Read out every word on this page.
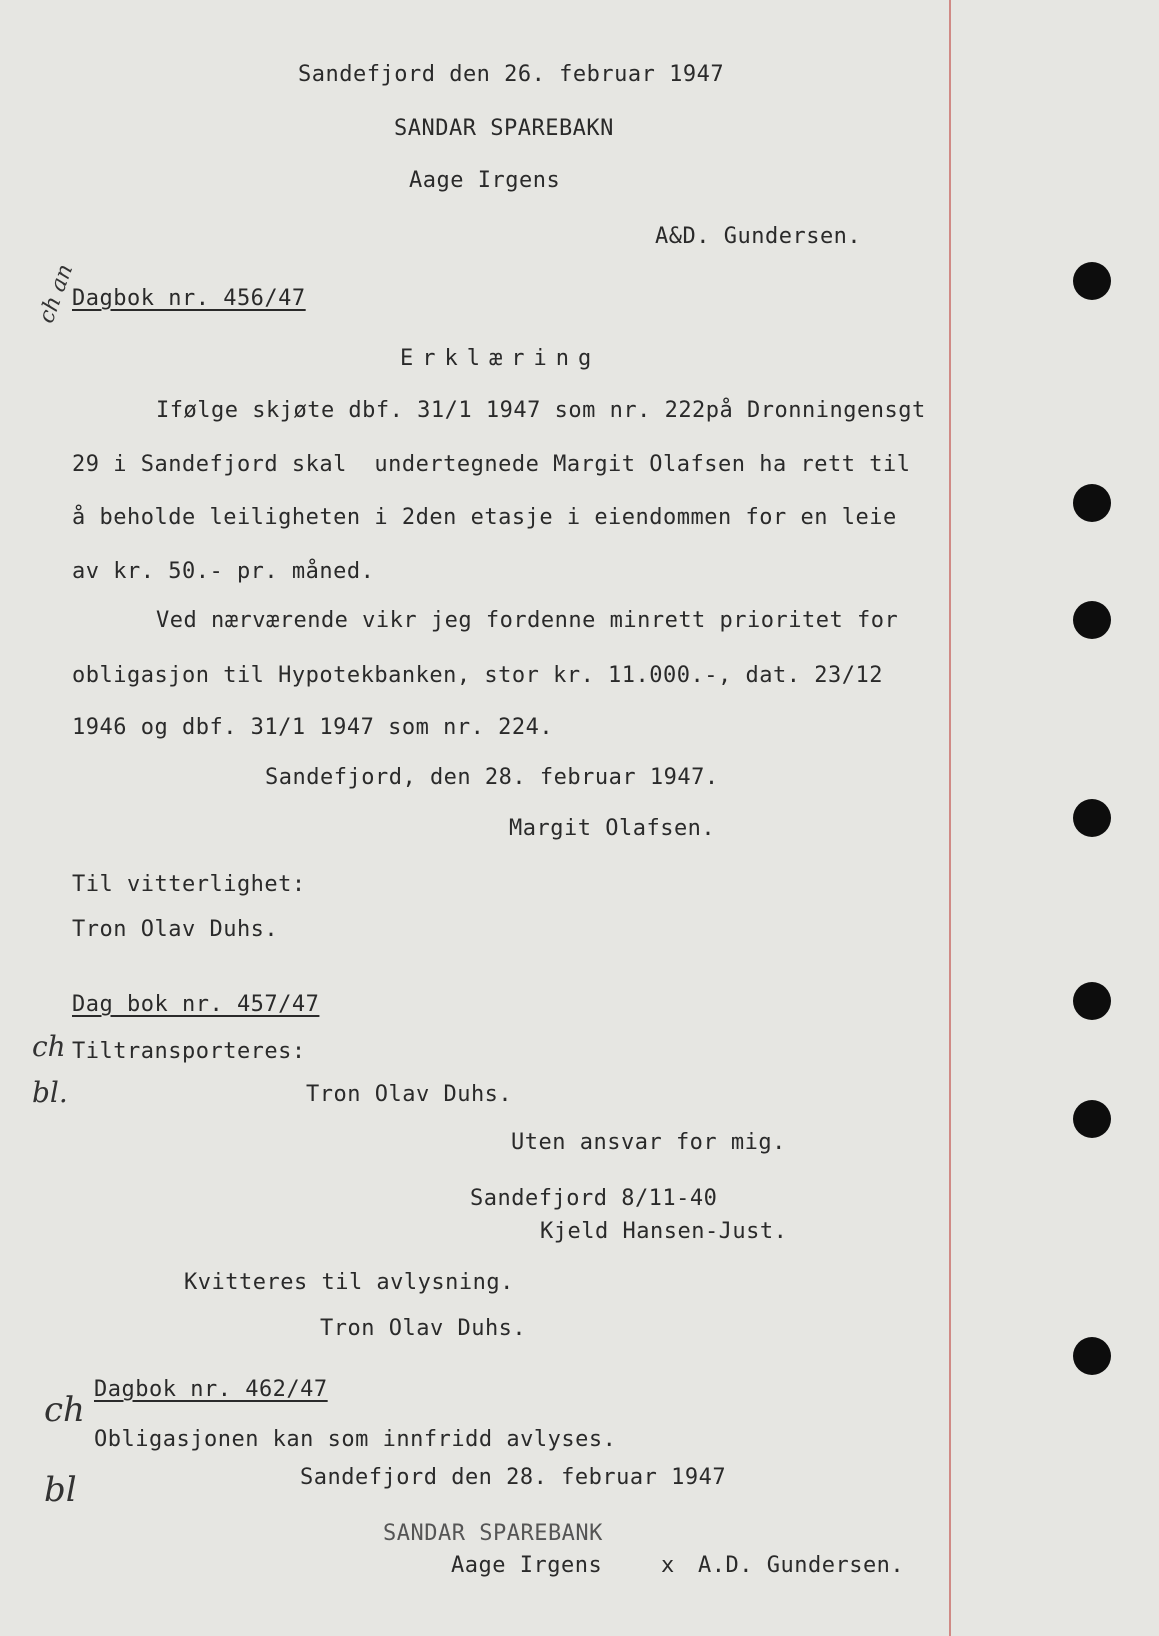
Sandefjord den 26. februar 1947
SANDAR SPAREBAKN
Aage Irgens
A&D. Gundersen.
Dagbok nr. 456/47
ch an
Erklæring
Ifølge skjøte dbf. 31/1 1947 som nr. 222på Dronningensgt
29 i Sandefjord skal  undertegnede Margit Olafsen ha rett til
å beholde leiligheten i 2den etasje i eiendommen for en leie
av kr. 50.- pr. måned.
Ved nærværende vikr jeg fordenne minrett prioritet for
obligasjon til Hypotekbanken, stor kr. 11.000.-, dat. 23/12
1946 og dbf. 31/1 1947 som nr. 224.
Sandefjord, den 28. februar 1947.
Margit Olafsen.
Til vitterlighet:
Tron Olav Duhs.
Dag bok nr. 457/47
ch
bl.
Tiltransporteres:
Tron Olav Duhs.
Uten ansvar for mig.
Sandefjord 8/11-40
Kjeld Hansen-Just.
Kvitteres til avlysning.
Tron Olav Duhs.
Dagbok nr. 462/47
ch
bl
Obligasjonen kan som innfridd avlyses.
Sandefjord den 28. februar 1947
SANDAR SPAREBANK
Aage Irgens	x A.D. Gundersen.
